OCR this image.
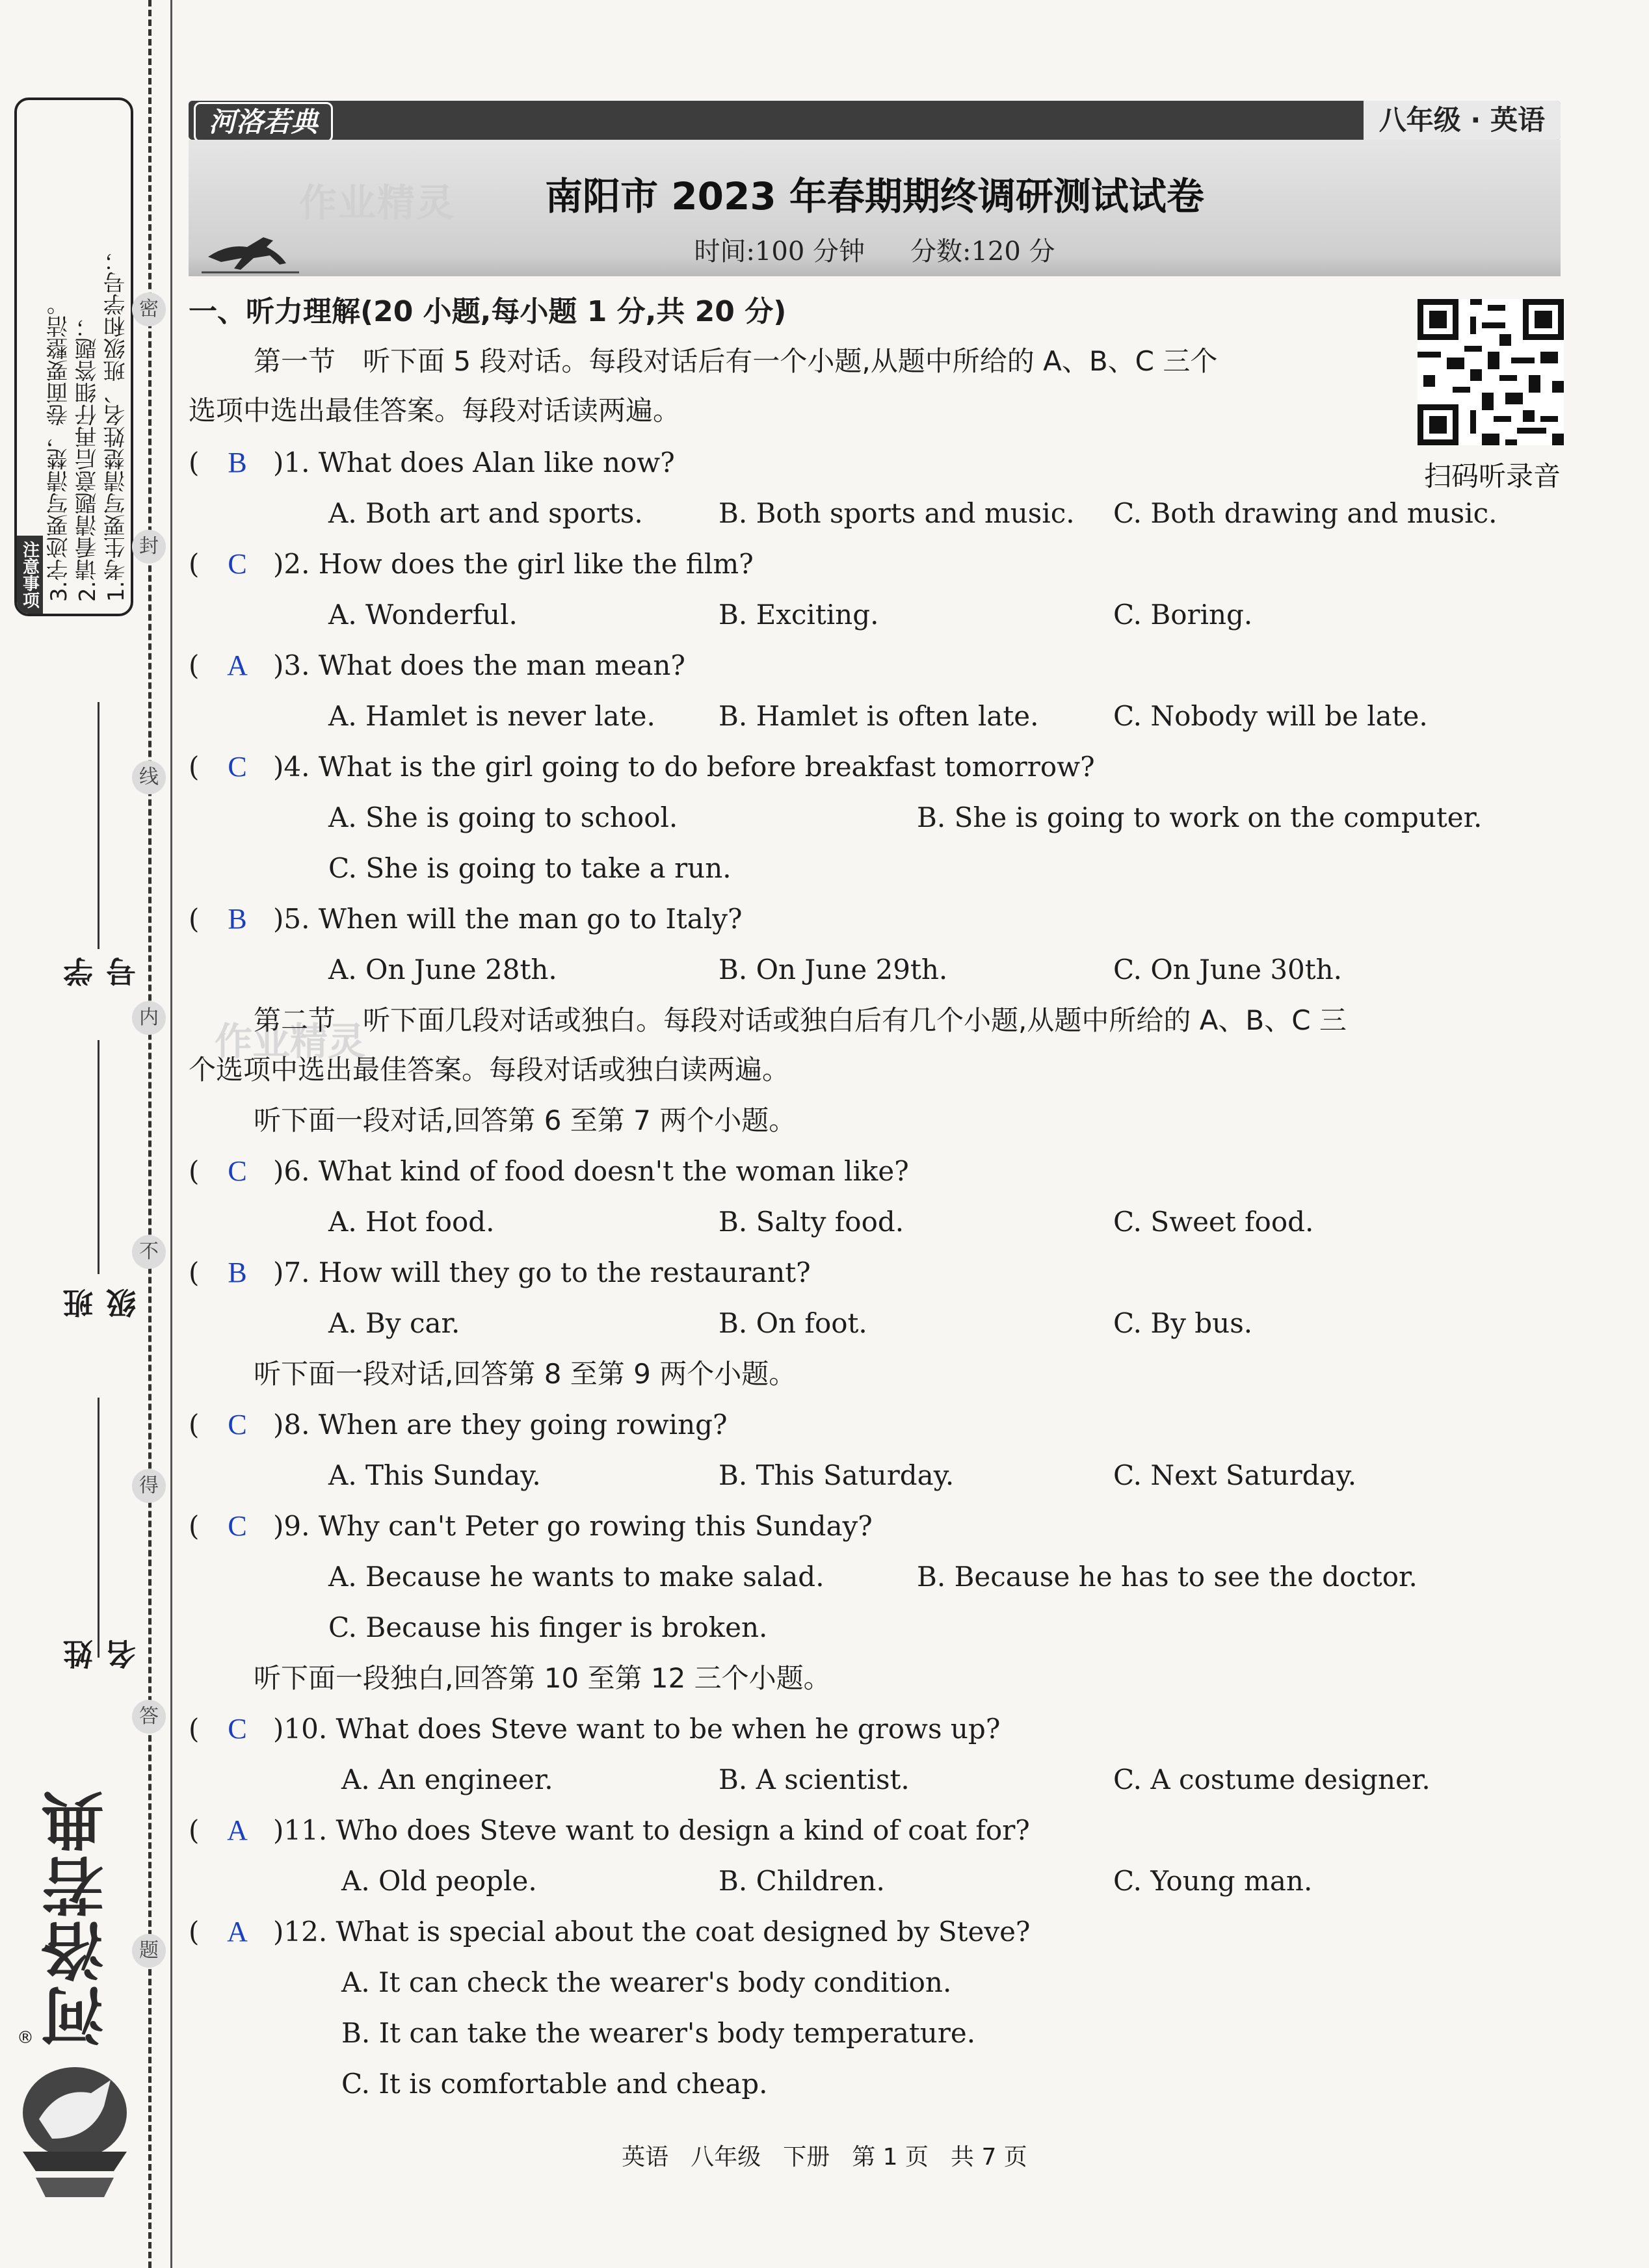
1.考生要写清楚姓名、班级和学号；
2.请看清题意后再仔细答题；
3.字迹要写清楚，卷面要整洁。
注意事项
密
封
线
内
不
得
答
题
学号
班级
姓名
河洛若典
®
河洛若典	八年级 · 英语
作业精灵	南阳市 2023 年春期期终调研测试试卷
时间:100 分钟 分数:120 分
扫码听录音
一、听力理解(20 小题,每小题 1 分,共 20 分)
第一节　听下面 5 段对话。每段对话后有一个小题,从题中所给的 A、B、C 三个
选项中选出最佳答案。每段对话读两遍。
( B )1. What does Alan like now?
A. Both art and sports.	B. Both sports and music. C. Both drawing and music.
( C )2. How does the girl like the film?
A. Wonderful.	B. Exciting.	C. Boring.
( A )3. What does the man mean?
A. Hamlet is never late. B. Hamlet is often late.	C. Nobody will be late.
( C )4. What is the girl going to do before breakfast tomorrow?
A. She is going to school.	B. She is going to work on the computer.
C. She is going to take a run.
( B )5. When will the man go to Italy?
A. On June 28th.	B. On June 29th.	C. On June 30th.
作业精灵
第二节　听下面几段对话或独白。每段对话或独白后有几个小题,从题中所给的 A、B、C 三
个选项中选出最佳答案。每段对话或独白读两遍。
听下面一段对话,回答第 6 至第 7 两个小题。
( C )6. What kind of food doesn't the woman like?
A. Hot food.	B. Salty food.	C. Sweet food.
( B )7. How will they go to the restaurant?
A. By car.	B. On foot.	C. By bus.
听下面一段对话,回答第 8 至第 9 两个小题。
( C )8. When are they going rowing?
A. This Sunday.	B. This Saturday.	C. Next Saturday.
( C )9. Why can't Peter go rowing this Sunday?
A. Because he wants to make salad.	B. Because he has to see the doctor.
C. Because his finger is broken.
听下面一段独白,回答第 10 至第 12 三个小题。
( C )10. What does Steve want to be when he grows up?
A. An engineer.	B. A scientist.	C. A costume designer.
( A )11. Who does Steve want to design a kind of coat for?
A. Old people.	B. Children.	C. Young man.
( A )12. What is special about the coat designed by Steve?
A. It can check the wearer's body condition.
B. It can take the wearer's body temperature.
C. It is comfortable and cheap.
英语 八年级 下册 第 1 页 共 7 页
